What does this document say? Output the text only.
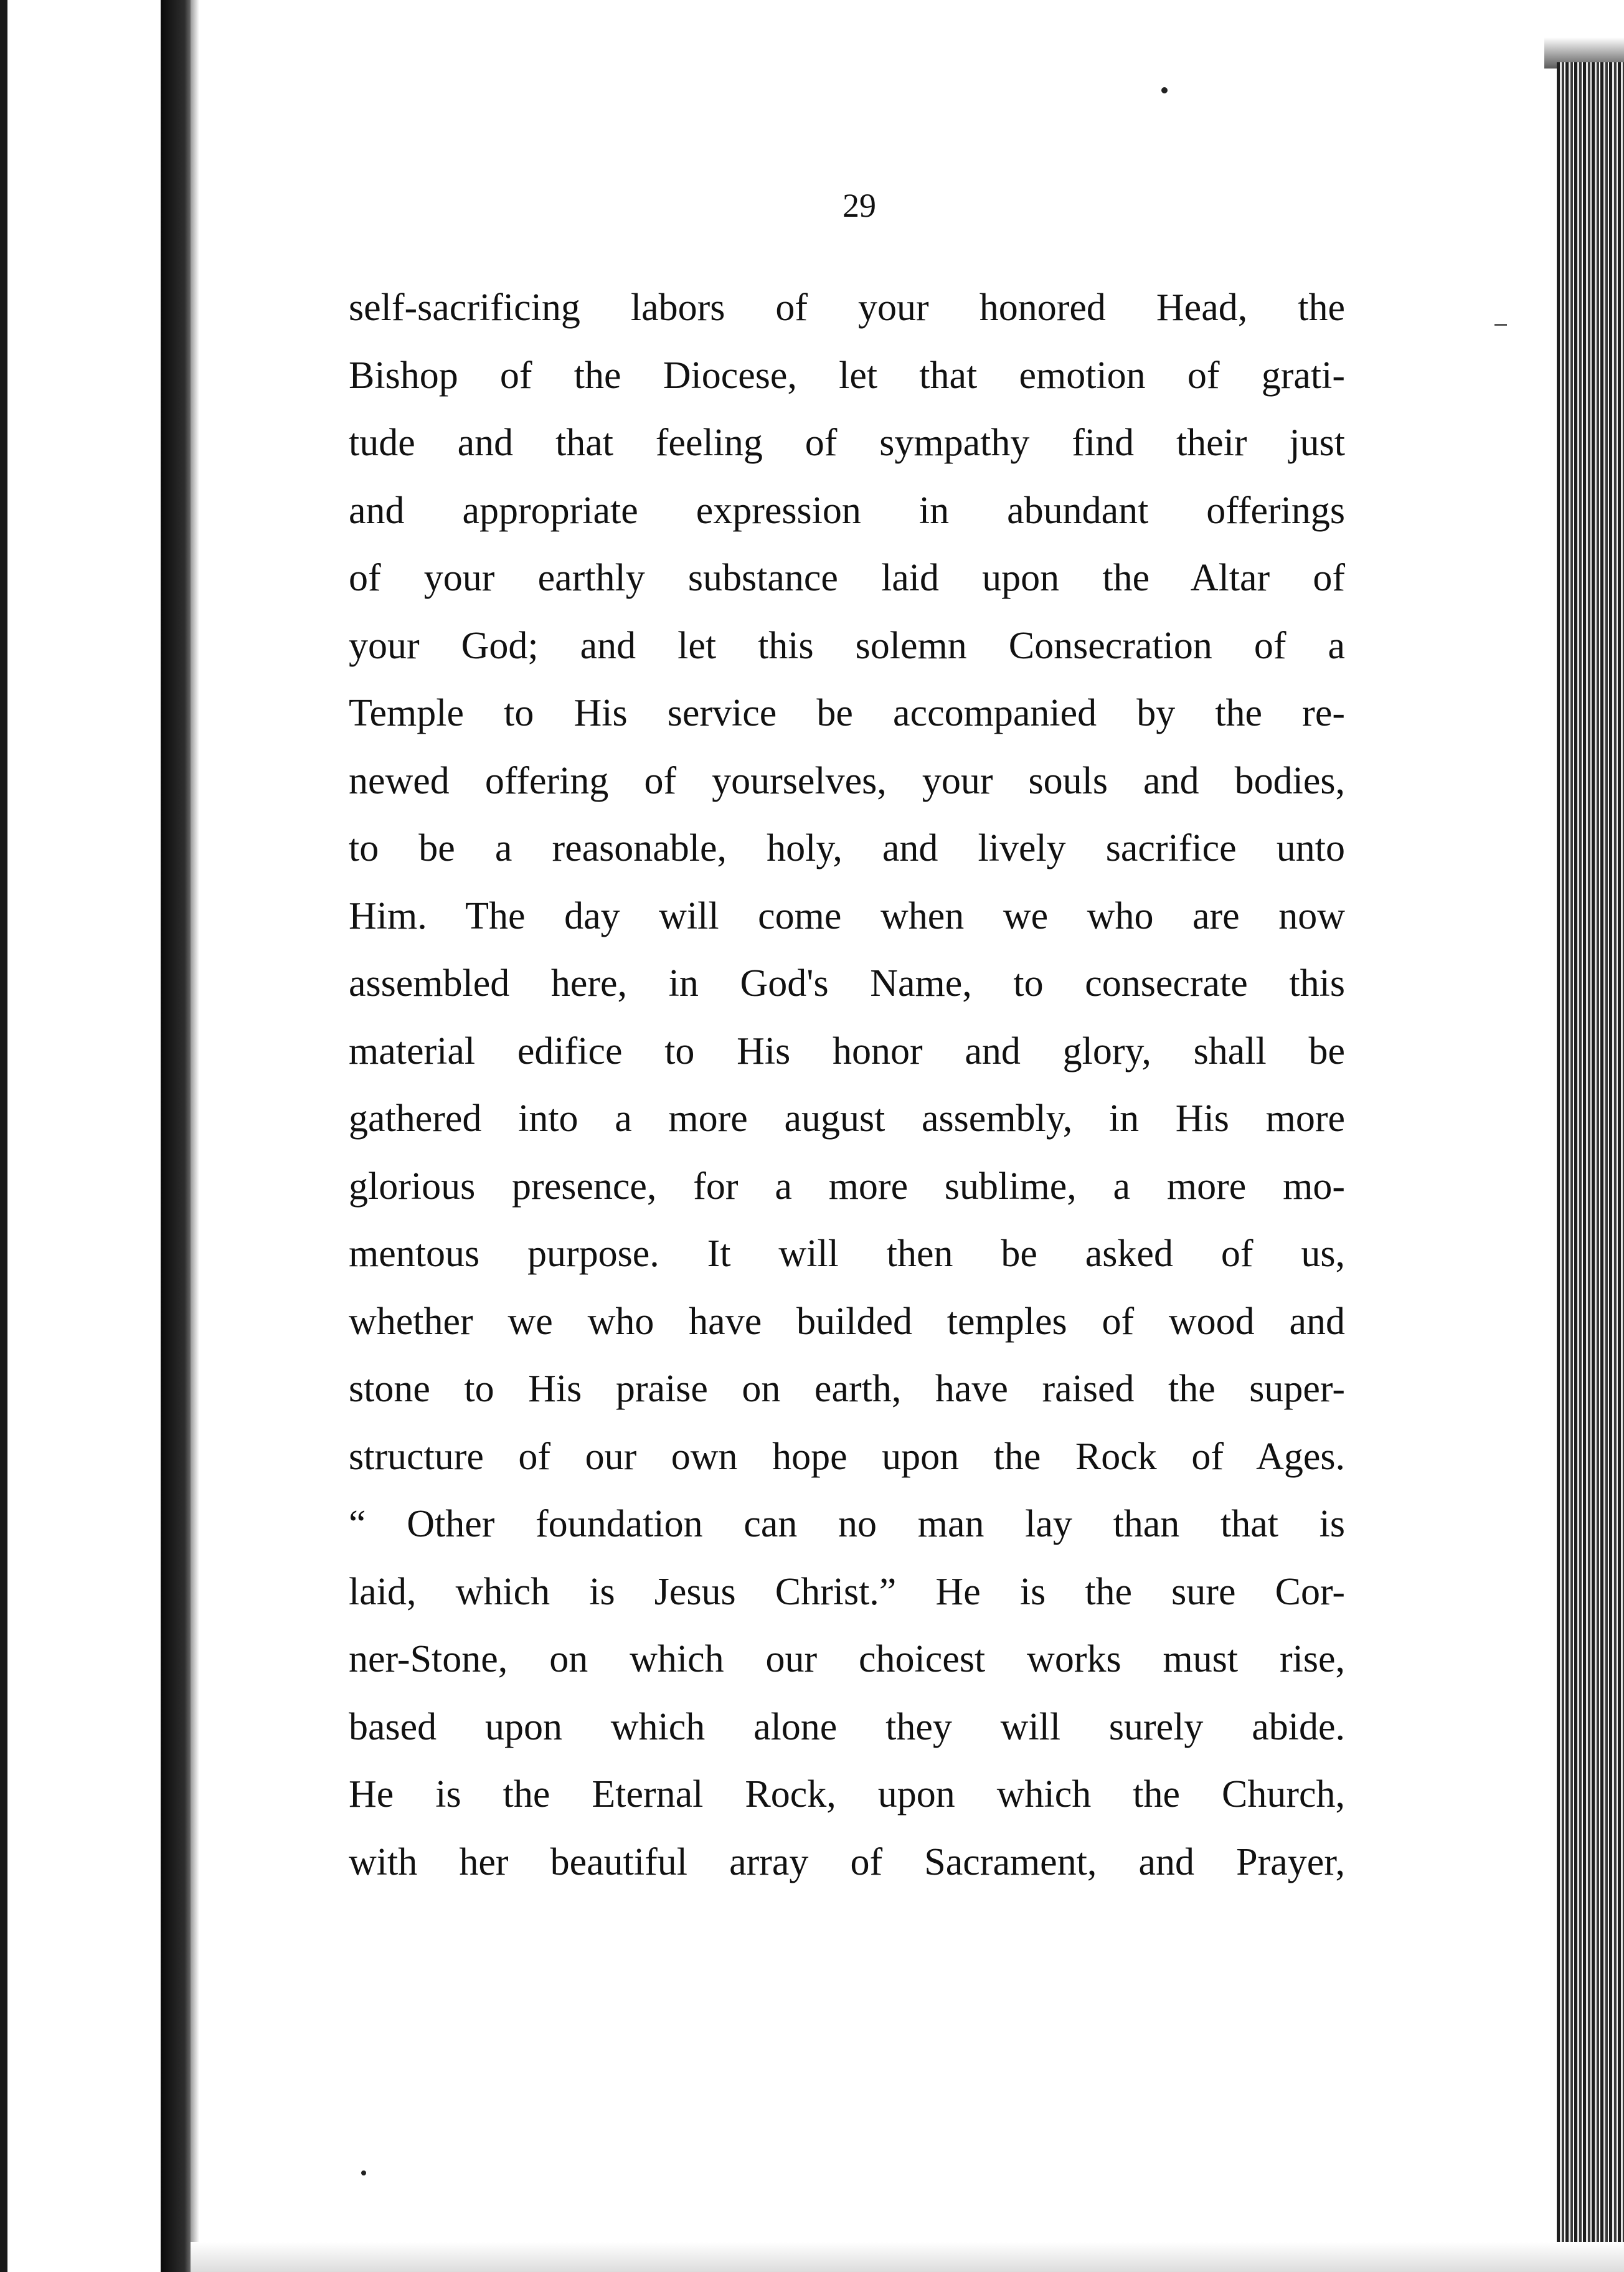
29
self-sacrificing labors of your honored Head, the
Bishop of the Diocese, let that emotion of grati-
tude and that feeling of sympathy find their just
and appropriate expression in abundant offerings
of your earthly substance laid upon the Altar of
your God; and let this solemn Consecration of a
Temple to His service be accompanied by the re-
newed offering of yourselves, your souls and bodies,
to be a reasonable, holy, and lively sacrifice unto
Him. The day will come when we who are now
assembled here, in God's Name, to consecrate this
material edifice to His honor and glory, shall be
gathered into a more august assembly, in His more
glorious presence, for a more sublime, a more mo-
mentous purpose. It will then be asked of us,
whether we who have builded temples of wood and
stone to His praise on earth, have raised the super-
structure of our own hope upon the Rock of Ages.
“ Other foundation can no man lay than that is
laid, which is Jesus Christ.” He is the sure Cor-
ner-Stone, on which our choicest works must rise,
based upon which alone they will surely abide.
He is the Eternal Rock, upon which the Church,
with her beautiful array of Sacrament, and Prayer,
